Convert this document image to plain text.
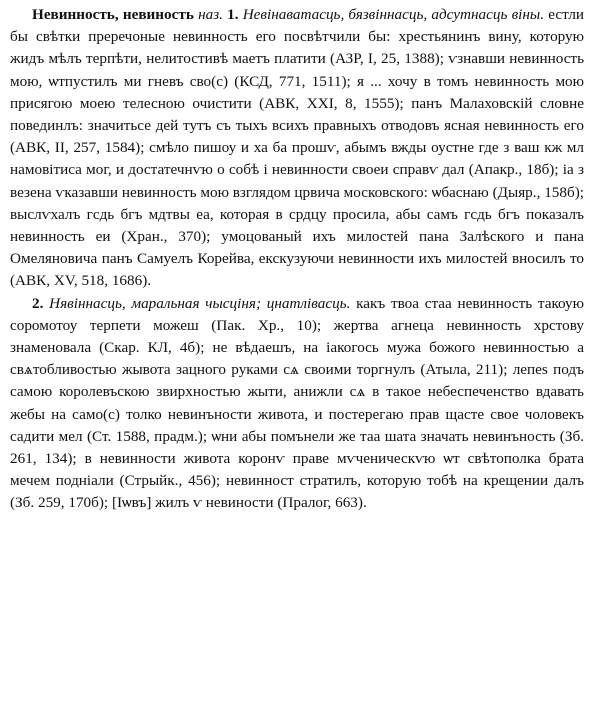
Невинность, невиность наз. 1. Невінаватасць, бязвіннасць, адсутнасць віны. естли бы свѣтки преречоные невинность его посвѣтчили бы: хрестьянинъ вину, которую жидъ мѣлъ терпѣти, нелитостивѣ маетъ платити (АЗР, I, 25, 1388); ѵзнавши невинность мою, ѡтпустилъ ми гневъ сво(с) (КСД, 771, 1511); я ... хочу в томъ невинность мою присягою моею телесною очистити (АВК, XXI, 8, 1555); панъ Малаховскій словне повединлъ: значитьсе дей тутъ съ тыхъ всихъ правныхъ отводовъ ясная невинность его (АВК, II, 257, 1584); смѣло пишоу и ха ба прошѵ, абымъ вжды оустне где з ваш кж мл намовітиса мог, и достатечнѵю о собѣ і невинности своеи справѵ дал (Апакр., 18б); іа з везена ѵказавши невинность мою взглядом црвича московского: ѡбаснаю (Дыяр., 158б); выслѵхалъ гсдь бгъ мдтвы еа, которая в срдцу просила, абы самъ гсдь бгъ показалъ невинность еи (Хран., 370); умоцованый ихъ милостей пана Залѣского и пана Омеляновича панъ Самуелъ Корейва, екскузуючи невинности ихъ милостей вносилъ то (АВК, XV, 518, 1686).

2. Нявіннасць, маральная чысціня; цнатлівасць. какъ твоа стаа невинность такоую соромотоу терпети можеш (Пак. Хр., 10); жертва агнеца невинность хрстову знаменовала (Скар. КЛ, 4б); не вѣдаешъ, на іакогось мужа божого невинностью а свѧтобливостью жывота зацного руками сѧ своими торгнулъ (Атыла, 211); лепеѕ подъ самою королевъскою звирхностью жыти, анижли сѧ в такое небеспеченство вдавать жебы на само(с) толко невинъности живота, и постерегаю прав щасте свое чоловекъ садити мел (Ст. 1588, прадм.); ѡни абы помънели же таа шата значать невинъность (Зб. 261, 134); в невинности живота коронѵ праве мѵченическѵю ѡт свѣтополка брата мечем подніали (Стрыйк., 456); невинност стратилъ, которую тобѣ на крещении далъ (Зб. 259, 170б); [Іѡвъ] жилъ ѵ невиности (Пралог, 663).
